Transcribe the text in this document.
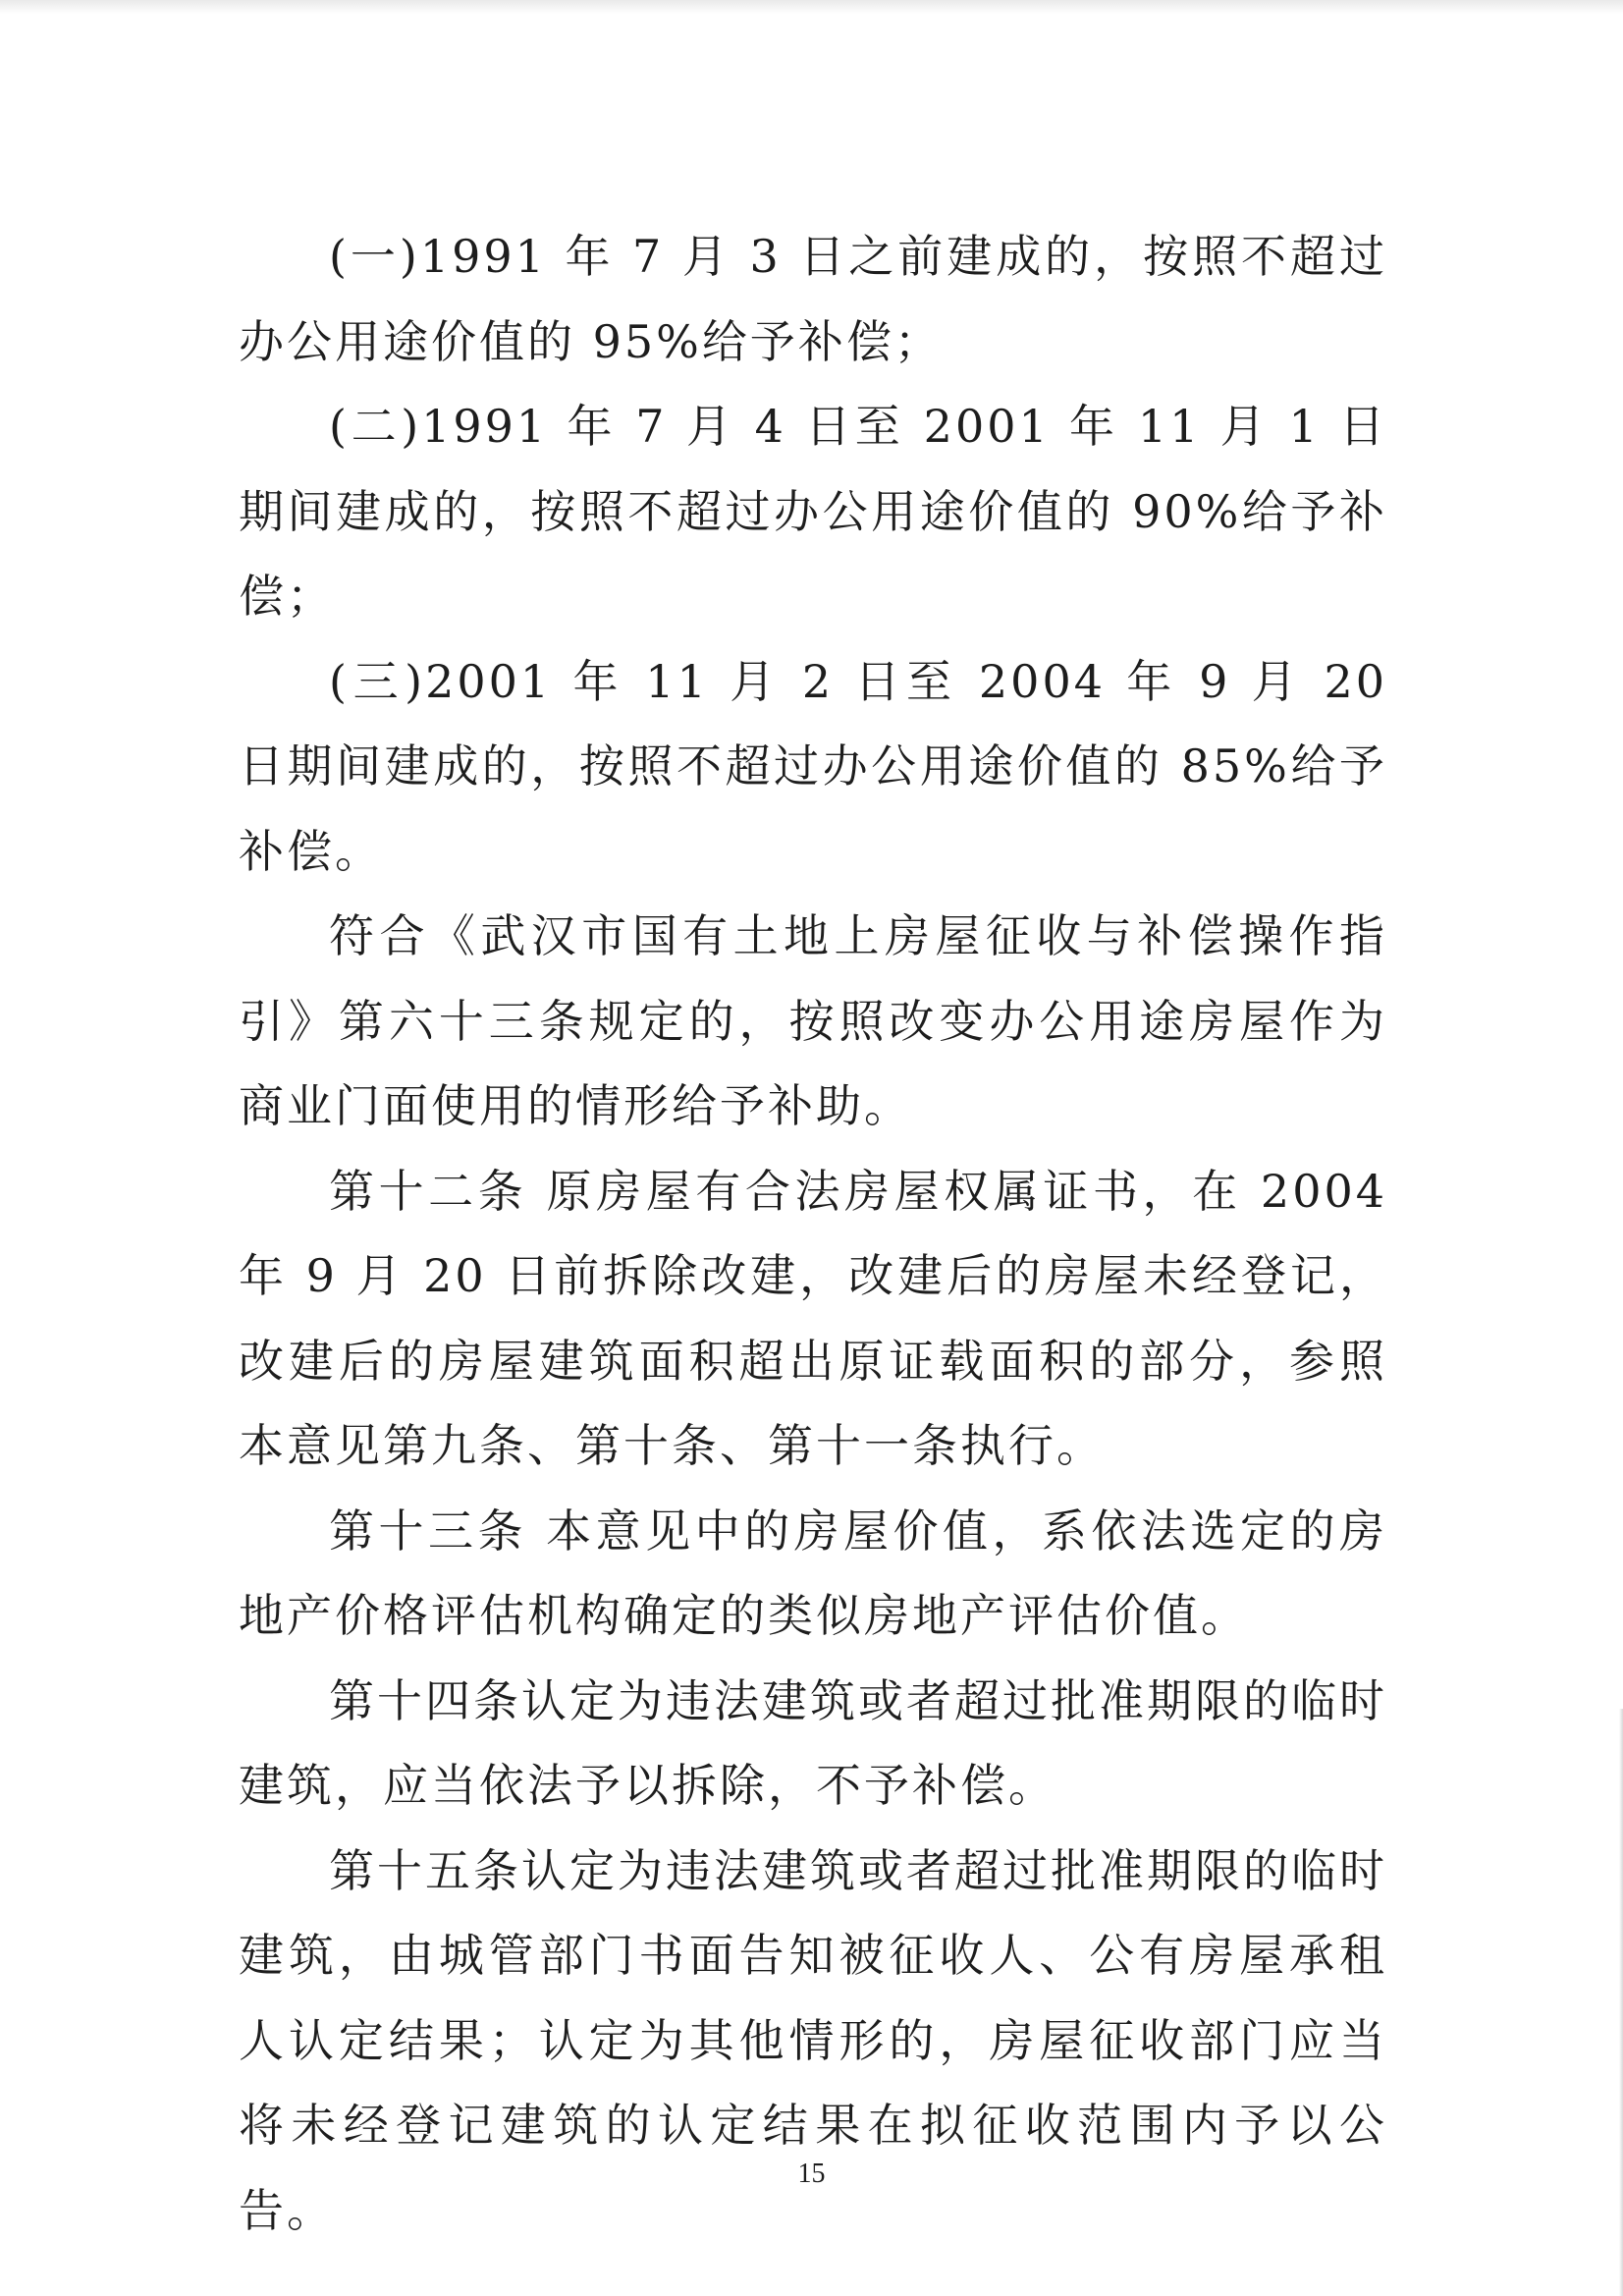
(一)1991 年 7 月 3 日之前建成的，按照不超过办公用途价值的 95%给予补偿；

(二)1991 年 7 月 4 日至 2001 年 11 月 1 日期间建成的，按照不超过办公用途价值的 90%给予补偿；

(三)2001 年 11 月 2 日至 2004 年 9 月 20 日期间建成的，按照不超过办公用途价值的 85%给予补偿。

符合《武汉市国有土地上房屋征收与补偿操作指引》第六十三条规定的，按照改变办公用途房屋作为商业门面使用的情形给予补助。

第十二条 原房屋有合法房屋权属证书，在 2004 年 9 月 20 日前拆除改建，改建后的房屋未经登记，改建后的房屋建筑面积超出原证载面积的部分，参照本意见第九条、第十条、第十一条执行。

第十三条 本意见中的房屋价值，系依法选定的房地产价格评估机构确定的类似房地产评估价值。

第十四条认定为违法建筑或者超过批准期限的临时建筑，应当依法予以拆除，不予补偿。

第十五条认定为违法建筑或者超过批准期限的临时建筑，由城管部门书面告知被征收人、公有房屋承租人认定结果；认定为其他情形的，房屋征收部门应当将未经登记建筑的认定结果在拟征收范围内予以公告。

15
